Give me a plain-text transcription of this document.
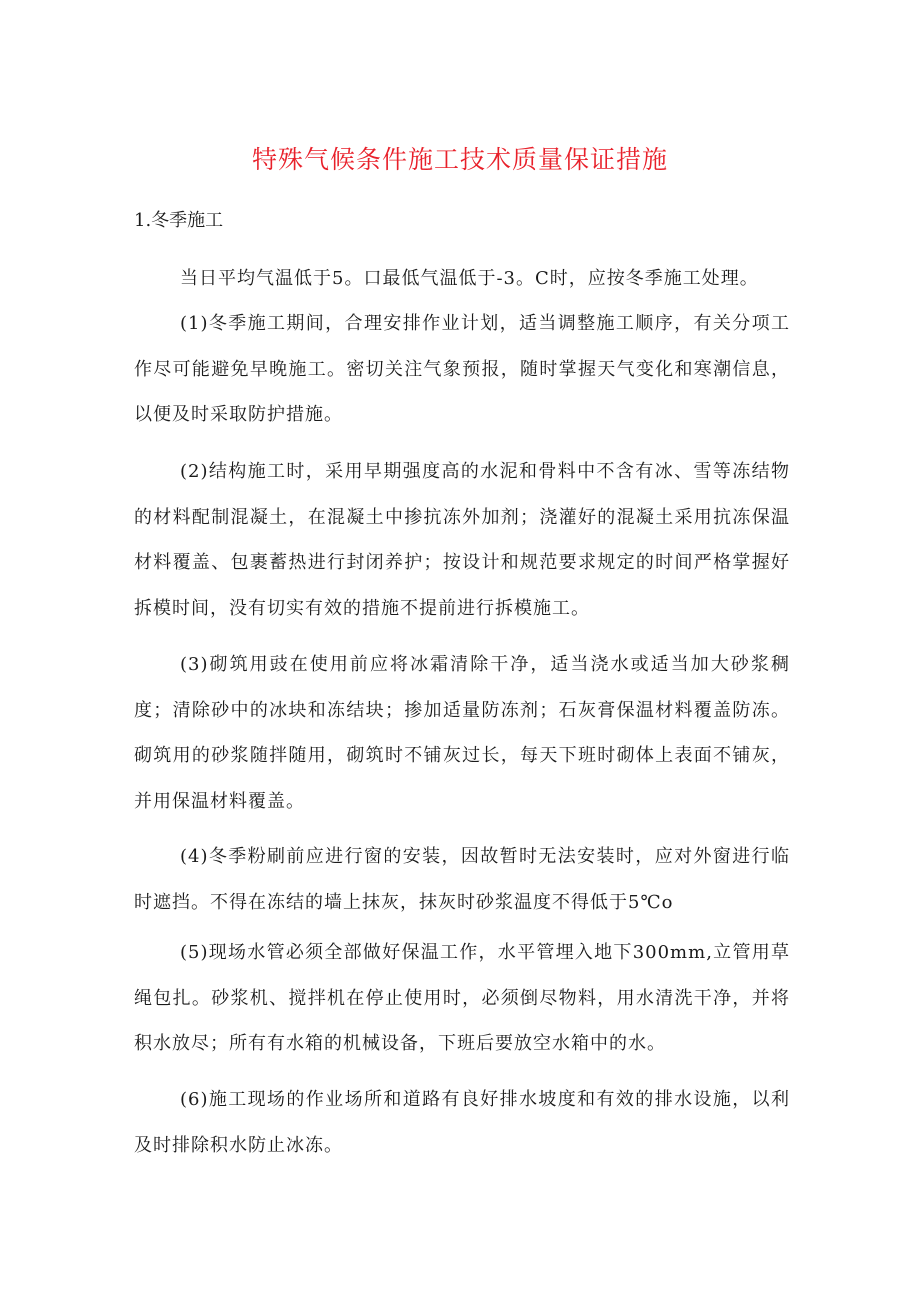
特殊气候条件施工技术质量保证措施

1.冬季施工

当日平均气温低于5。口最低气温低于-3。C时，应按冬季施工处理。

(1)冬季施工期间，合理安排作业计划，适当调整施工顺序，有关分项工作尽可能避免早晚施工。密切关注气象预报，随时掌握天气变化和寒潮信息，以便及时采取防护措施。

(2)结构施工时，采用早期强度高的水泥和骨料中不含有冰、雪等冻结物的材料配制混凝土，在混凝土中掺抗冻外加剂；浇灌好的混凝土采用抗冻保温材料覆盖、包裹蓄热进行封闭养护；按设计和规范要求规定的时间严格掌握好拆模时间，没有切实有效的措施不提前进行拆模施工。

(3)砌筑用豉在使用前应将冰霜清除干净，适当浇水或适当加大砂浆稠度；清除砂中的冰块和冻结块；掺加适量防冻剂；石灰膏保温材料覆盖防冻。砌筑用的砂浆随拌随用，砌筑时不铺灰过长，每天下班时砌体上表面不铺灰，并用保温材料覆盖。

(4)冬季粉刷前应进行窗的安装，因故暂时无法安装时，应对外窗进行临时遮挡。不得在冻结的墙上抹灰，抹灰时砂浆温度不得低于5℃o

(5)现场水管必须全部做好保温工作，水平管埋入地下300mm,立管用草绳包扎。砂浆机、搅拌机在停止使用时，必须倒尽物料，用水清洗干净，并将积水放尽；所有有水箱的机械设备，下班后要放空水箱中的水。

(6)施工现场的作业场所和道路有良好排水坡度和有效的排水设施，以利及时排除积水防止冰冻。
